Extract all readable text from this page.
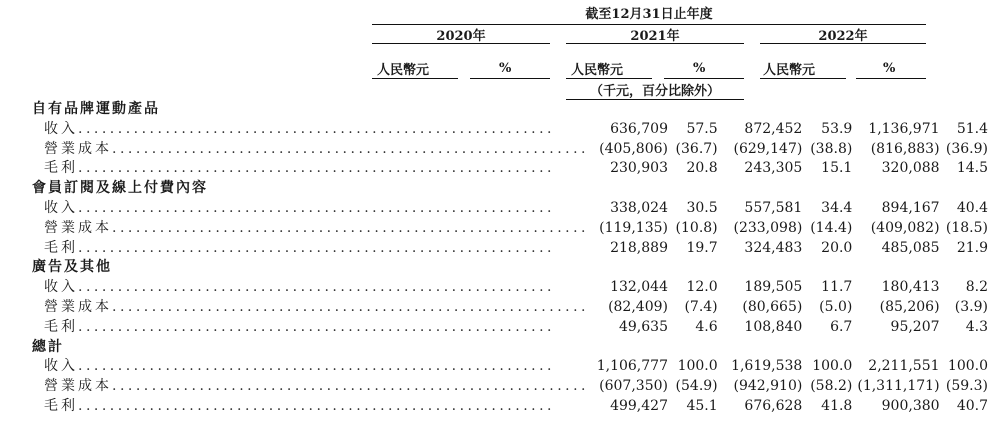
截至12月31日止年度
2020年	2021年	2022年
人民幣元	%	人民幣元	%	人民幣元	%
（千元，百分比除外）
自有品牌運動產品						
收入............................................................	636,709	57.5	872,452	53.9	1,136,971	51.4
營業成本............................................................	(405,806)	(36.7)	(629,147)	(38.8)	(816,883)	(36.9)
毛利............................................................	230,903	20.8	243,305	15.1	320,088	14.5
會員訂閱及線上付費內容						
收入............................................................	338,024	30.5	557,581	34.4	894,167	40.4
營業成本............................................................	(119,135)	(10.8)	(233,098)	(14.4)	(409,082)	(18.5)
毛利............................................................	218,889	19.7	324,483	20.0	485,085	21.9
廣告及其他						
收入............................................................	132,044	12.0	189,505	11.7	180,413	8.2
營業成本............................................................	(82,409)	(7.4)	(80,665)	(5.0)	(85,206)	(3.9)
毛利............................................................	49,635	4.6	108,840	6.7	95,207	4.3
總計						
收入............................................................	1,106,777	100.0	1,619,538	100.0	2,211,551	100.0
營業成本............................................................	(607,350)	(54.9)	(942,910)	(58.2)	(1,311,171)	(59.3)
毛利............................................................	499,427	45.1	676,628	41.8	900,380	40.7
